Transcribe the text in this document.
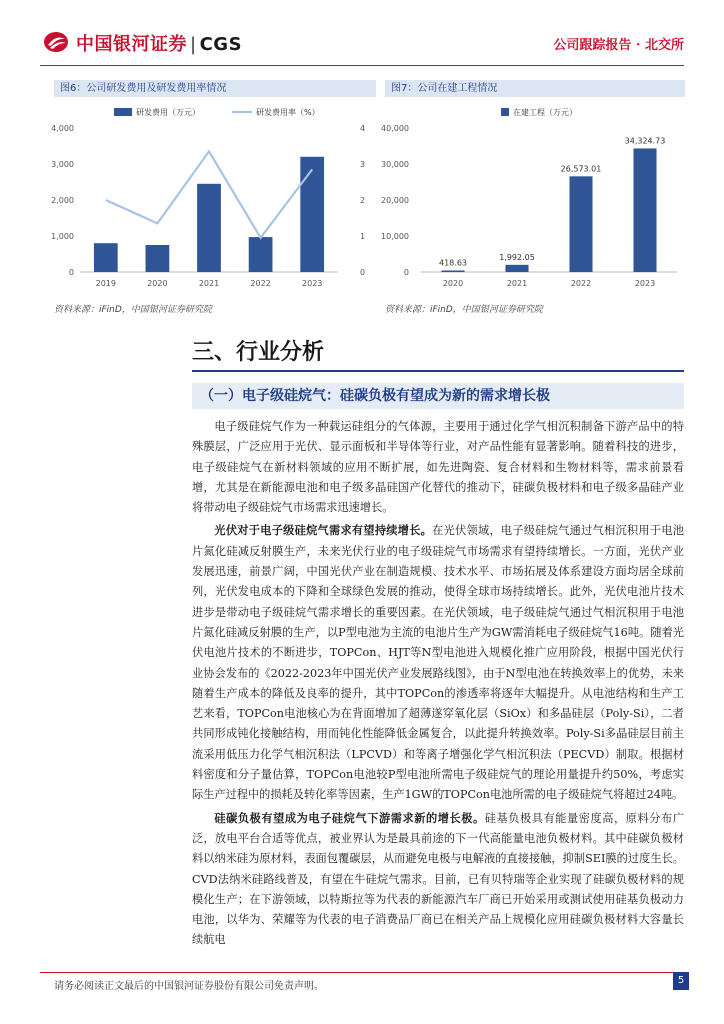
中国银河证券 | CGS	公司跟踪报告 · 北交所
图6：公司研发费用及研发费用率情况	图7：公司在建工程情况
0
1,000
2,000
3,000
4,000
0
1
2
3
4
2019	2020	2021	2022	2023
研发费用（万元）	研发费用率（%）
0
10,000
20,000
30,000
40,000
418.63
2020
1,992.05
2021
26,573.01
2022
34,324.73
2023
在建工程（万元）
资料来源：iFinD，中国银河证券研究院	资料来源：iFinD，中国银河证券研究院
三、行业分析
（一）电子级硅烷气：硅碳负极有望成为新的需求增长极

电子级硅烷气作为一种载运硅组分的气体源，主要用于通过化学气相沉积制备下游产品中的特殊膜层，广泛应用于光伏、显示面板和半导体等行业，对产品性能有显著影响。随着科技的进步，电子级硅烷气在新材料领域的应用不断扩展，如先进陶瓷、复合材料和生物材料等，需求前景看增，尤其是在新能源电池和电子级多晶硅国产化替代的推动下，硅碳负极材料和电子级多晶硅产业将带动电子级硅烷气市场需求迅速增长。

光伏对于电子级硅烷气需求有望持续增长。在光伏领域，电子级硅烷气通过气相沉积用于电池片氮化硅减反射膜生产，未来光伏行业的电子级硅烷气市场需求有望持续增长。一方面，光伏产业发展迅速，前景广阔，中国光伏产业在制造规模、技术水平、市场拓展及体系建设方面均居全球前列，光伏发电成本的下降和全球绿色发展的推动，使得全球市场持续增长。此外，光伏电池片技术进步是带动电子级硅烷气需求增长的重要因素。在光伏领域，电子级硅烷气通过气相沉积用于电池片氮化硅减反射膜的生产，以P型电池为主流的电池片生产为GW需消耗电子级硅烷气16吨。随着光伏电池片技术的不断进步，TOPCon、HJT等N型电池进入规模化推广应用阶段，根据中国光伏行业协会发布的《2022-2023年中国光伏产业发展路线图》，由于N型电池在转换效率上的优势，未来随着生产成本的降低及良率的提升，其中TOPCon的渗透率将逐年大幅提升。从电池结构和生产工艺来看，TOPCon电池核心为在背面增加了超薄遂穿氧化层（SiOx）和多晶硅层（Poly-Si），二者共同形成钝化接触结构，用而钝化性能降低金属复合，以此提升转换效率。Poly-Si多晶硅层目前主流采用低压力化学气相沉积法（LPCVD）和等离子增强化学气相沉积法（PECVD）制取。根据材料密度和分子量估算，TOPCon电池较P型电池所需电子级硅烷气的理论用量提升约50%，考虑实际生产过程中的损耗及转化率等因素，生产1GW的TOPCon电池所需的电子级硅烷气将超过24吨。

硅碳负极有望成为电子硅烷气下游需求新的增长极。硅基负极具有能量密度高，原料分布广泛，放电平台合适等优点，被业界认为是最具前途的下一代高能量电池负极材料。其中硅碳负极材料以纳米硅为原材料，表面包覆碳层，从而避免电极与电解液的直接接触，抑制SEI膜的过度生长。CVD法纳米硅路线普及，有望在牛硅烷气需求。目前，已有贝特瑞等企业实现了硅碳负极材料的规模化生产；在下游领域，以特斯拉等为代表的新能源汽车厂商已开始采用或测试使用硅基负极动力电池，以华为、荣耀等为代表的电子消费品厂商已在相关产品上规模化应用硅碳负极材料大容量长续航电

请务必阅读正文最后的中国银河证券股份有限公司免责声明。
5
